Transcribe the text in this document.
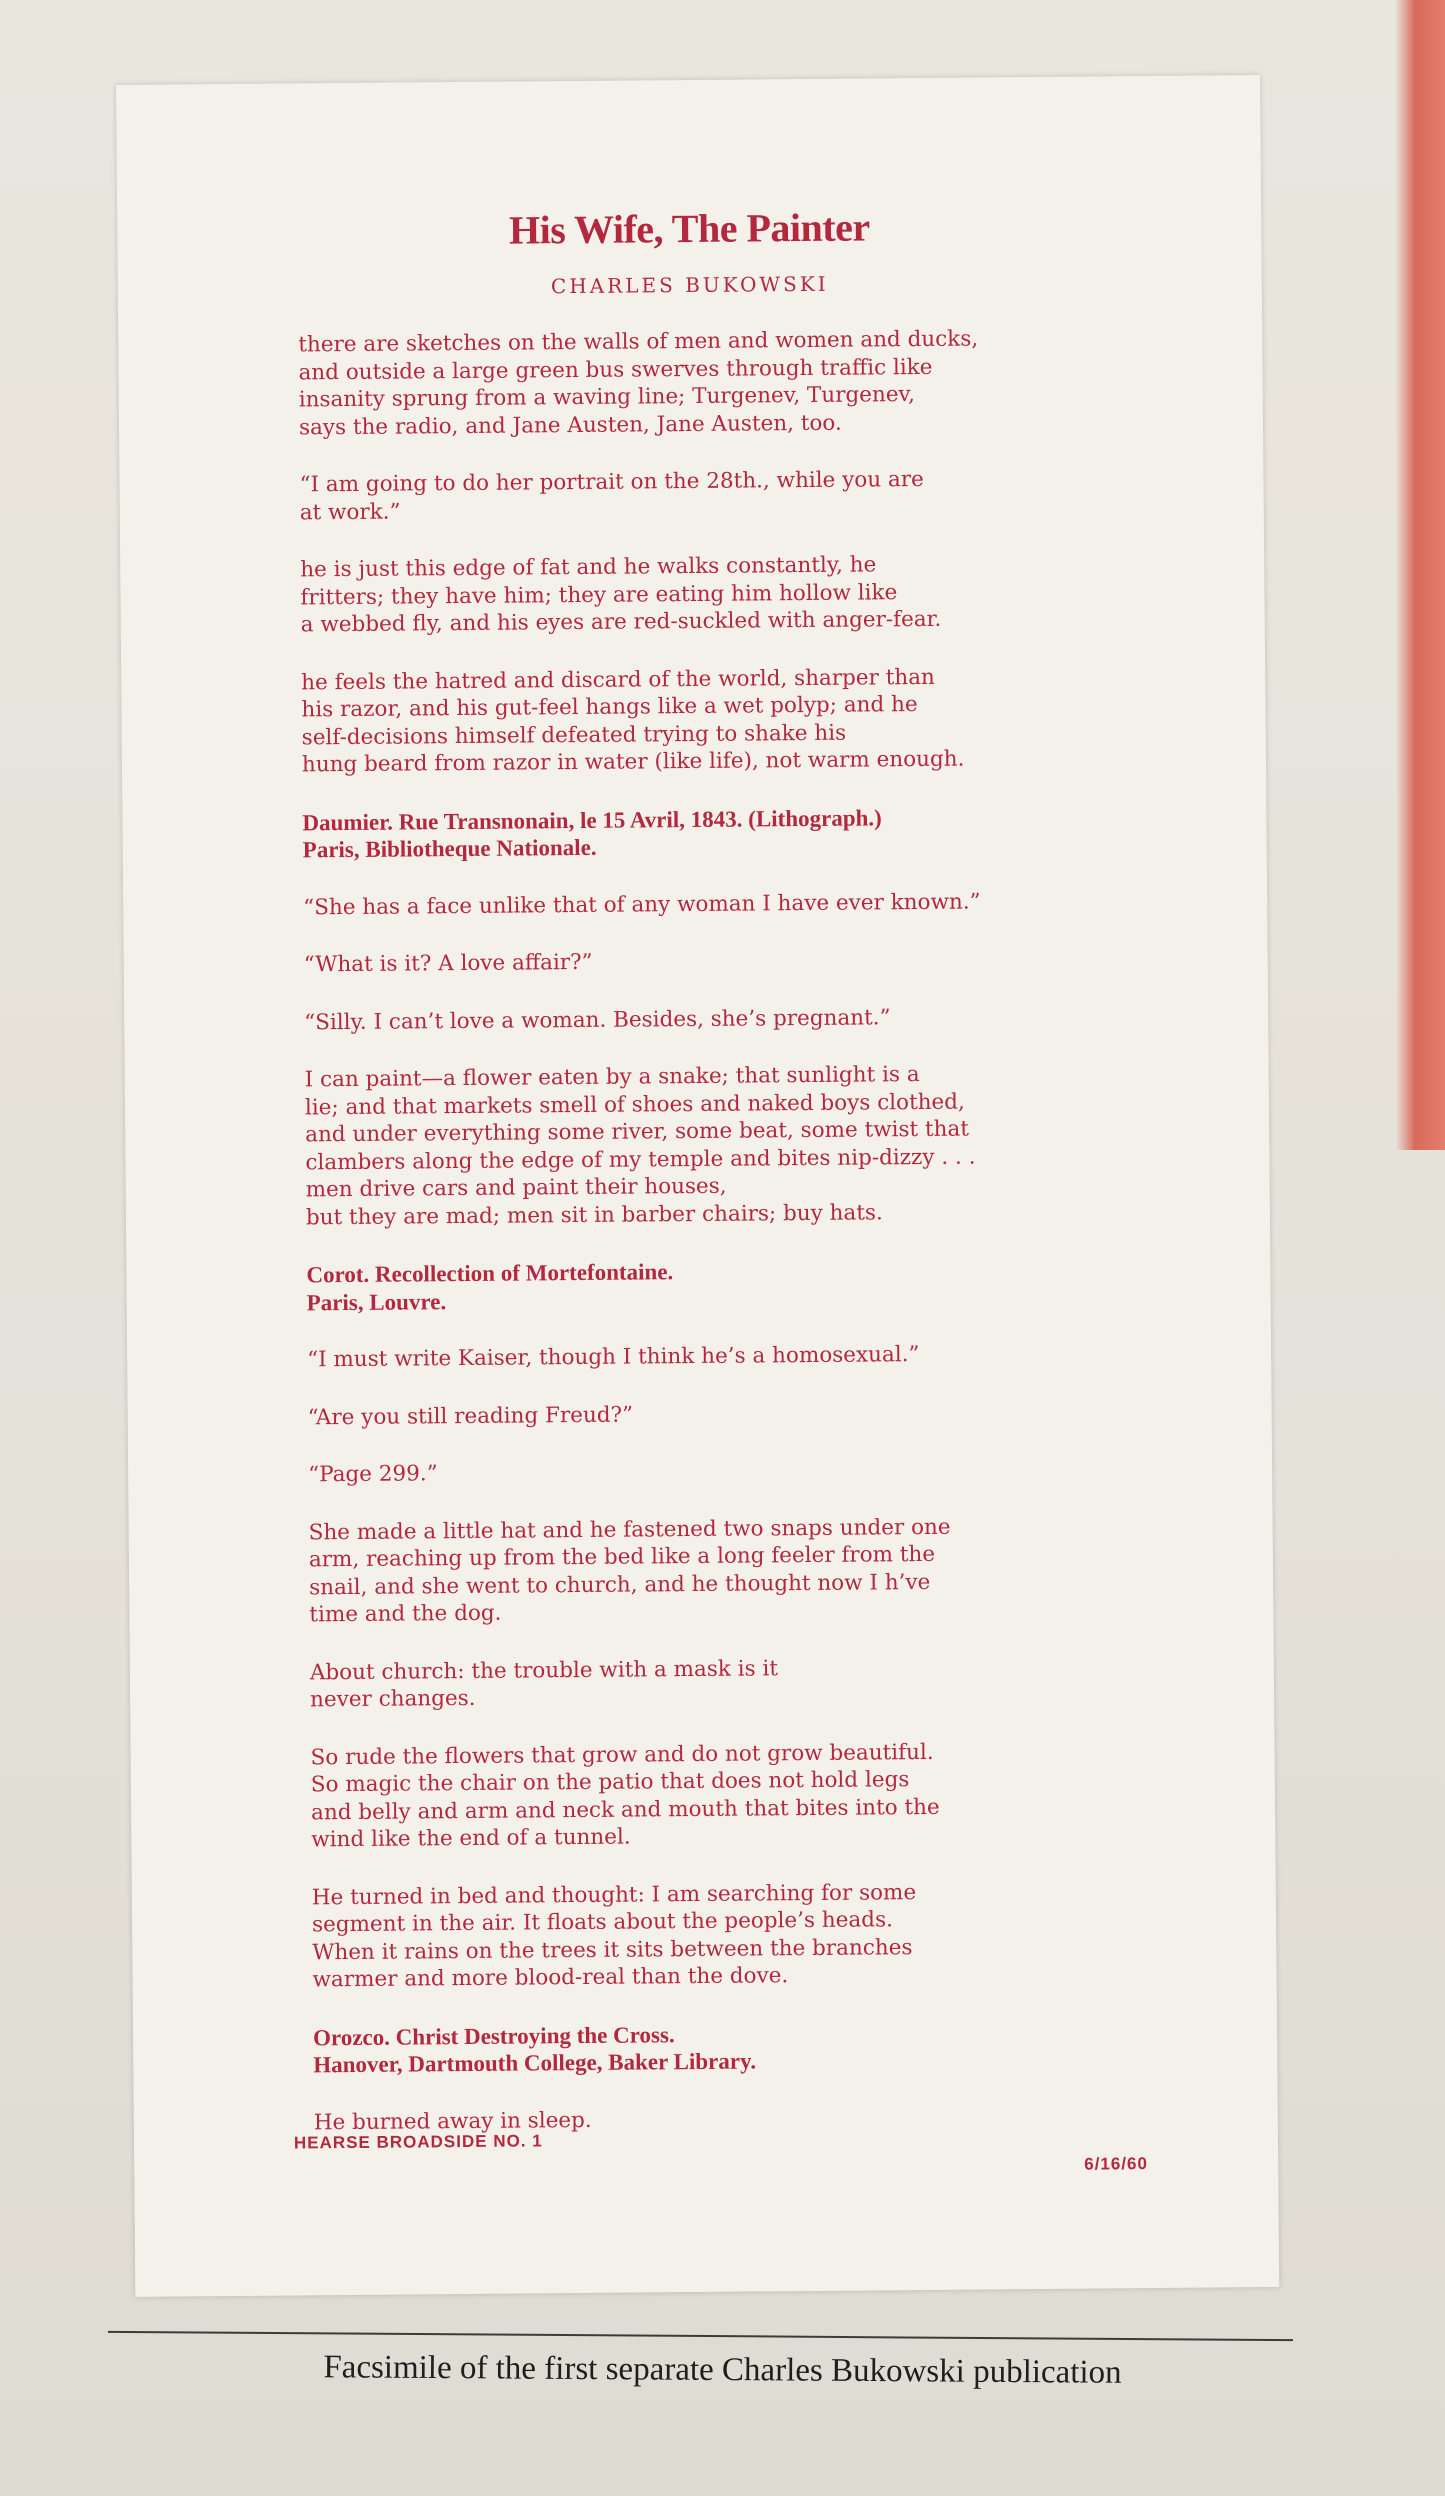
His Wife, The Painter
CHARLES BUKOWSKI

there are sketches on the walls of men and women and ducks,
and outside a large green bus swerves through traffic like
insanity sprung from a waving line; Turgenev, Turgenev,
says the radio, and Jane Austen, Jane Austen, too.

“I am going to do her portrait on the 28th., while you are
at work.”

he is just this edge of fat and he walks constantly, he
fritters; they have him; they are eating him hollow like
a webbed fly, and his eyes are red-suckled with anger-fear.

he feels the hatred and discard of the world, sharper than
his razor, and his gut-feel hangs like a wet polyp; and he
self-decisions himself defeated trying to shake his
hung beard from razor in water (like life), not warm enough.

Daumier. Rue Transnonain, le 15 Avril, 1843. (Lithograph.)
Paris, Bibliotheque Nationale.

“She has a face unlike that of any woman I have ever known.”

“What is it? A love affair?”

“Silly. I can’t love a woman. Besides, she’s pregnant.”

I can paint—a flower eaten by a snake; that sunlight is a
lie; and that markets smell of shoes and naked boys clothed,
and under everything some river, some beat, some twist that
clambers along the edge of my temple and bites nip-dizzy . . .
men drive cars and paint their houses,
but they are mad; men sit in barber chairs; buy hats.

Corot. Recollection of Mortefontaine.
Paris, Louvre.

“I must write Kaiser, though I think he’s a homosexual.”

“Are you still reading Freud?”

“Page 299.”

She made a little hat and he fastened two snaps under one
arm, reaching up from the bed like a long feeler from the
snail, and she went to church, and he thought now I h’ve
time and the dog.

About church: the trouble with a mask is it
never changes.

So rude the flowers that grow and do not grow beautiful.
So magic the chair on the patio that does not hold legs
and belly and arm and neck and mouth that bites into the
wind like the end of a tunnel.

He turned in bed and thought: I am searching for some
segment in the air. It floats about the people’s heads.
When it rains on the trees it sits between the branches
warmer and more blood-real than the dove.

Orozco. Christ Destroying the Cross.
Hanover, Dartmouth College, Baker Library.

He burned away in sleep.

HEARSE BROADSIDE NO. 1
6/16/60
Facsimile of the first separate Charles Bukowski publication
